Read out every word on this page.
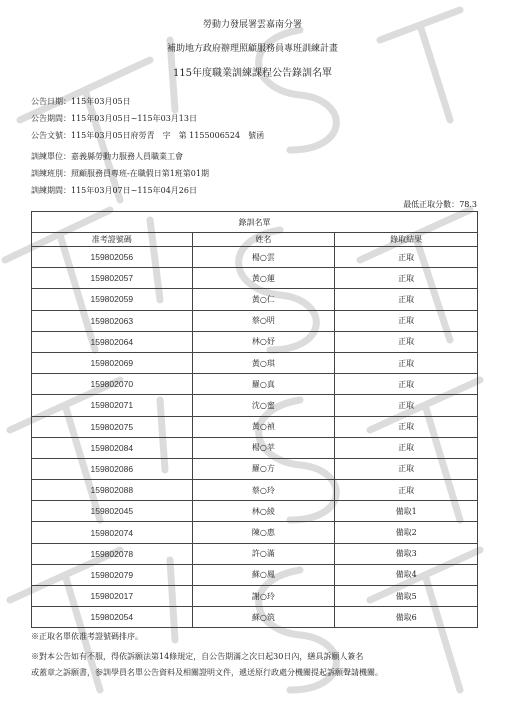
勞動力發展署雲嘉南分署
補助地方政府辦理照顧服務員專班訓練計畫
115年度職業訓練課程公告錄訓名單
公告日期：115年03月05日
公告期間：115年03月05日~115年03月13日
公告文號：115年03月05日府勞青　字　第 1155006524　號函
訓練單位：嘉義縣勞動力服務人員職業工會
訓練班別：照顧服務員專班-在職假日第1班第01期
訓練期間：115年03月07日~115年04月26日
最低正取分數：78.3
錄訓名單		
准考證號碼	姓名	錄取結果
159802056	楊○雲	正取
159802057	黃○蓮	正取
159802059	黃○仁	正取
159802063	蔡○明	正取
159802064	林○妤	正取
159802069	黃○琪	正取
159802070	羅○真	正取
159802071	沈○蜜	正取
159802075	黃○禎	正取
159802084	楊○苹	正取
159802086	羅○方	正取
159802088	蔡○玲	正取
159802045	林○綾	備取1
159802074	陳○惠	備取2
159802078	許○滿	備取3
159802079	蘇○鳳	備取4
159802017	謝○玲	備取5
159802054	蘇○筑	備取6
※正取名單依准考證號碼排序。
※對本公告如有不服，得依訴願法第14條規定，自公告期滿之次日起30日內，繕具訴願人簽名
或蓋章之訴願書，参訓學員名單公告資料及相關證明文件，遞送原行政處分機關提起訴願聲請機關。
